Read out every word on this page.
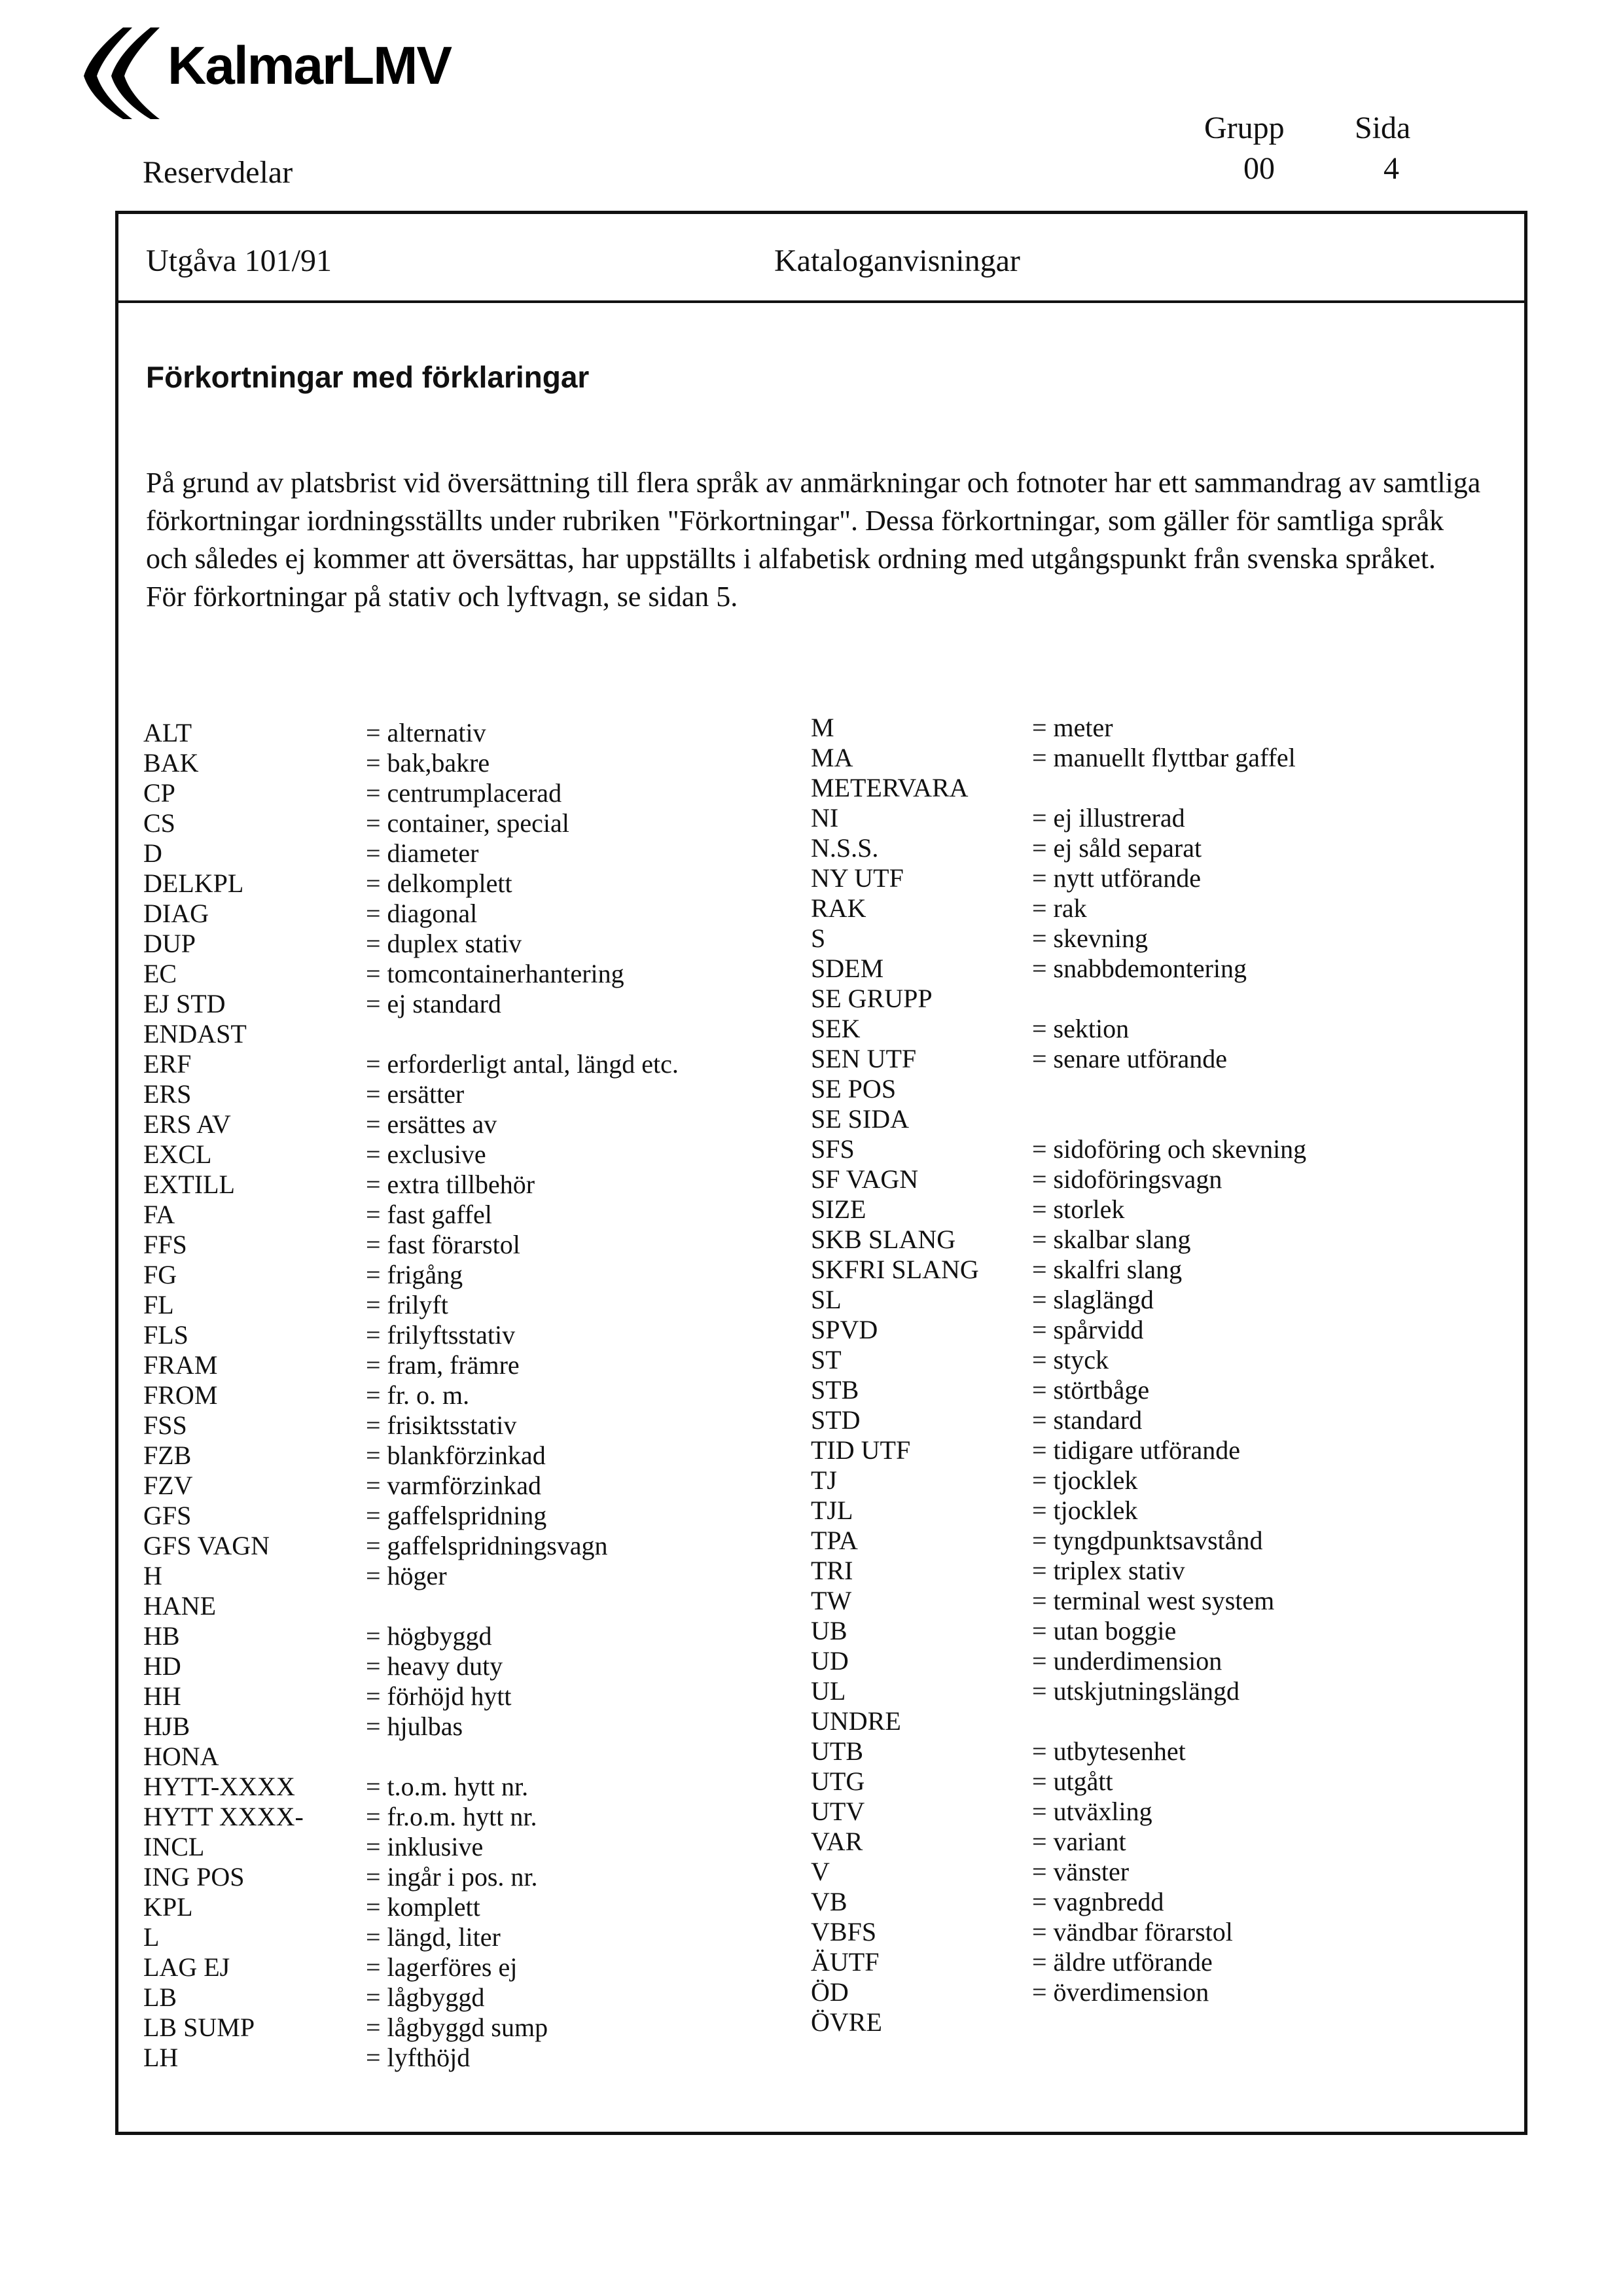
KalmarLMV
Reservdelar
Grupp
00
Sida
4
Utgåva 101/91	Kataloganvisningar
Förkortningar med förklaringar
På grund av platsbrist vid översättning till flera språk av anmärkningar och fotnoter har ett sammandrag av samtliga förkortningar iordningsställts under rubriken "Förkortningar". Dessa förkortningar, som gäller för samtliga språk och således ej kommer att översättas, har uppställts i alfabetisk ordning med utgångspunkt från svenska språket. För förkortningar på stativ och lyftvagn, se sidan 5.
ALT	= alternativ
BAK	= bak,bakre
CP	= centrumplacerad
CS	= container, special
D	= diameter
DELKPL	= delkomplett
DIAG	= diagonal
DUP	= duplex stativ
EC	= tomcontainerhantering
EJ STD	= ej standard
ENDAST
ERF	= erforderligt antal, längd etc.
ERS	= ersätter
ERS AV	= ersättes av
EXCL	= exclusive
EXTILL	= extra tillbehör
FA	= fast gaffel
FFS	= fast förarstol
FG	= frigång
FL	= frilyft
FLS	= frilyftsstativ
FRAM	= fram, främre
FROM	= fr. o. m.
FSS	= frisiktsstativ
FZB	= blankförzinkad
FZV	= varmförzinkad
GFS	= gaffelspridning
GFS VAGN	= gaffelspridningsvagn
H	= höger
HANE
HB	= högbyggd
HD	= heavy duty
HH	= förhöjd hytt
HJB	= hjulbas
HONA
HYTT-XXXX	= t.o.m. hytt nr.
HYTT XXXX- = fr.o.m. hytt nr.
INCL	= inklusive
ING POS	= ingår i pos. nr.
KPL	= komplett
L	= längd, liter
LAG EJ	= lagerföres ej
LB	= lågbyggd
LB SUMP	= lågbyggd sump
LH	= lyfthöjd
M	= meter
MA	= manuellt flyttbar gaffel
METERVARA
NI	= ej illustrerad
N.S.S.	= ej såld separat
NY UTF	= nytt utförande
RAK	= rak
S	= skevning
SDEM	= snabbdemontering
SE GRUPP
SEK	= sektion
SEN UTF	= senare utförande
SE POS
SE SIDA
SFS	= sidoföring och skevning
SF VAGN	= sidoföringsvagn
SIZE	= storlek
SKB SLANG	= skalbar slang
SKFRI SLANG = skalfri slang
SL	= slaglängd
SPVD	= spårvidd
ST	= styck
STB	= störtbåge
STD	= standard
TID UTF	= tidigare utförande
TJ	= tjocklek
TJL	= tjocklek
TPA	= tyngdpunktsavstånd
TRI	= triplex stativ
TW	= terminal west system
UB	= utan boggie
UD	= underdimension
UL	= utskjutningslängd
UNDRE
UTB	= utbytesenhet
UTG	= utgått
UTV	= utväxling
VAR	= variant
V	= vänster
VB	= vagnbredd
VBFS	= vändbar förarstol
ÄUTF	= äldre utförande
ÖD	= överdimension
ÖVRE
